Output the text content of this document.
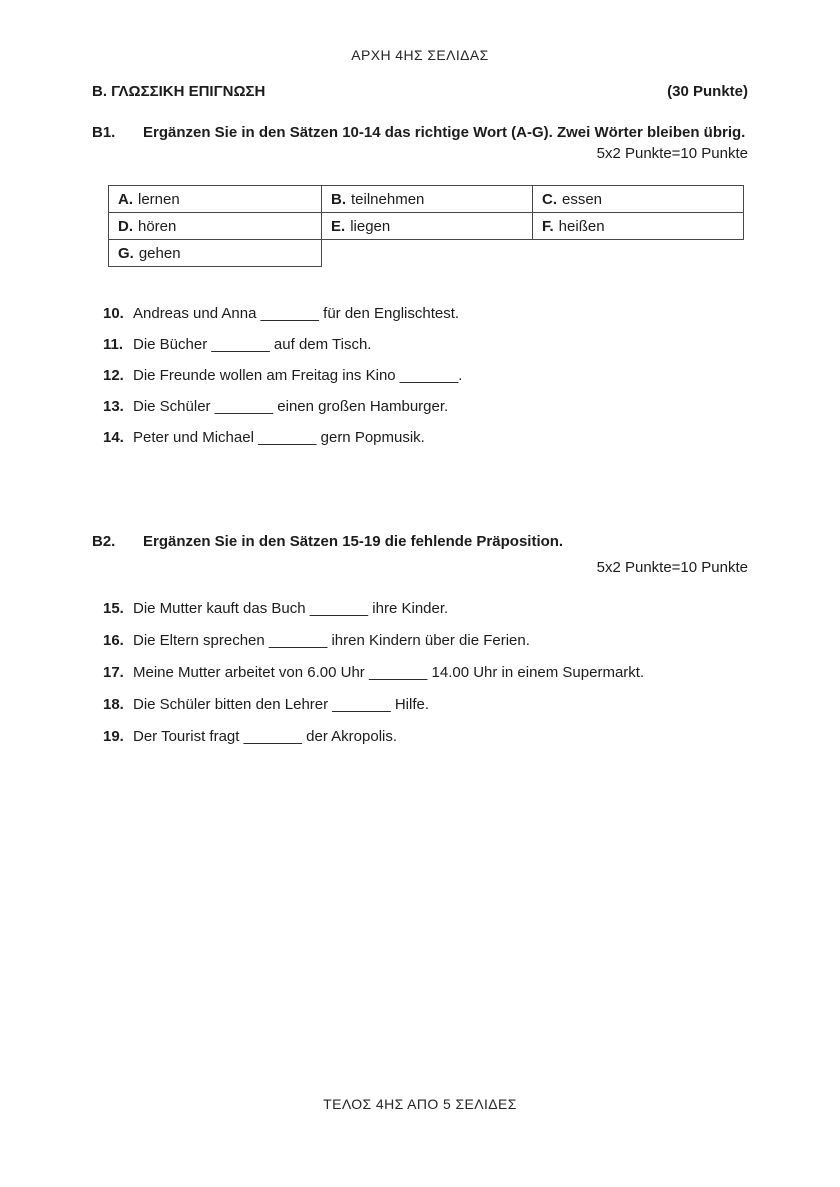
ΑΡΧΗ 4ΗΣ ΣΕΛΙΔΑΣ
Β. ΓΛΩΣΣΙΚΗ ΕΠΙΓΝΩΣΗ	(30 Punkte)
B1.	Ergänzen Sie in den Sätzen 10-14 das richtige Wort (A-G). Zwei Wörter bleiben übrig.
5x2 Punkte=10 Punkte
A. lernen	B. teilnehmen	C. essen
D. hören	E. liegen	F. heißen
G. gehen		
10. Andreas und Anna _______ für den Englischtest.
11. Die Bücher _______ auf dem Tisch.
12. Die Freunde wollen am Freitag ins Kino _______.
13. Die Schüler _______ einen großen Hamburger.
14. Peter und Michael _______ gern Popmusik.
B2.	Ergänzen Sie in den Sätzen 15-19 die fehlende Präposition.
5x2 Punkte=10 Punkte
15. Die Mutter kauft das Buch _______ ihre Kinder.
16. Die Eltern sprechen _______ ihren Kindern über die Ferien.
17. Meine Mutter arbeitet von 6.00 Uhr _______ 14.00 Uhr in einem Supermarkt.
18. Die Schüler bitten den Lehrer _______ Hilfe.
19. Der Tourist fragt _______ der Akropolis.
ΤΕΛΟΣ 4ΗΣ ΑΠΟ 5 ΣΕΛΙΔΕΣ
